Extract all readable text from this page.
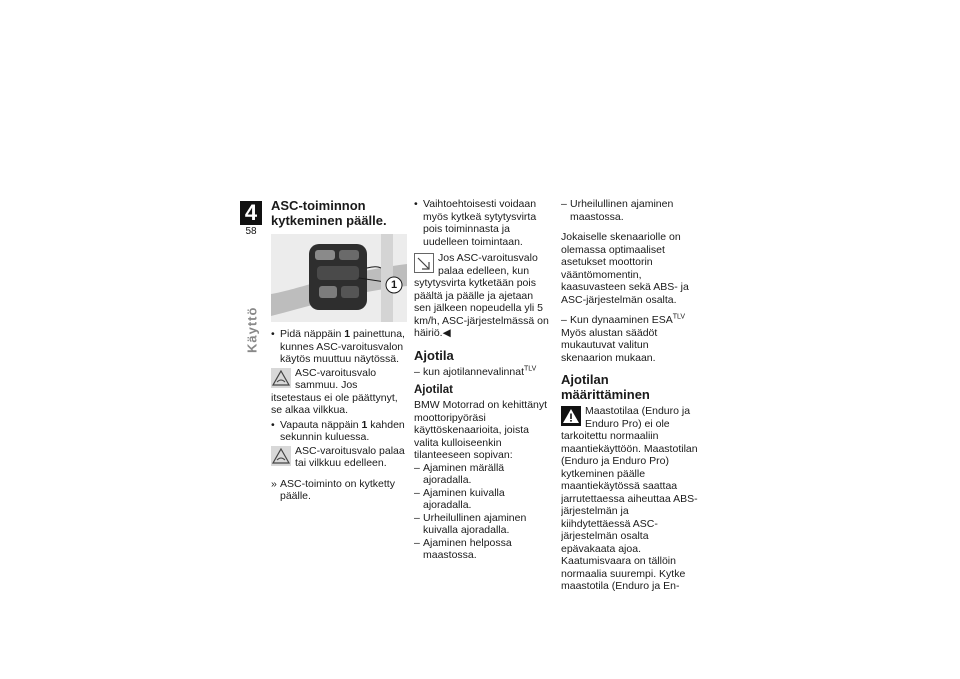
4
58
Käyttö
ASC-toiminnon
kytkeminen päälle.
1
• Pidä näppäin 1 painettuna, kunnes ASC-varoitusvalon käytös muuttuu näytössä.
ASC-varoitusvalo sammuu. Jos itsetestaus ei ole päättynyt, se alkaa vilkkua.
• Vapauta näppäin 1 kahden sekunnin kuluessa.
ASC-varoitusvalo palaa tai vilkkuu edelleen.
» ASC-toiminto on kytketty päälle.
• Vaihtoehtoisesti voidaan myös kytkeä sytytysvirta pois toiminnasta ja uudelleen toimintaan.
Jos ASC-varoitusvalo palaa edelleen, kun sytytysvirta kytketään pois päältä ja päälle ja ajetaan sen jälkeen nopeudella yli 5 km/h, ASC-järjestelmässä on häiriö.◀
Ajotila
– kun ajotilannevalinnat$^{TLV}$
Ajotilat

BMW Motorrad on kehittänyt moottoripyöräsi käyttöskenaarioita, joista valita kulloiseenkin tilanteeseen sopivan:

– Ajaminen märällä ajoradalla.
– Ajaminen kuivalla ajoradalla.
– Urheilullinen ajaminen kuivalla ajoradalla.
– Ajaminen helpossa maastossa.
– Urheilullinen ajaminen maastossa.

Jokaiselle skenaariolle on olemassa optimaaliset asetukset moottorin vääntömomentin, kaasuvasteen sekä ABS- ja ASC-järjestelmän osalta.

– Kun dynaaminen $ESA^{TLV}$

Myös alustan säädöt mukautuvat valitun skenaarion mukaan.

Ajotilan määrittäminen
Maastotilaa (Enduro ja Enduro Pro) ei ole tarkoitettu normaaliin maantiekäyttöön. Maastotilan (Enduro ja Enduro Pro) kytkeminen päälle maantiekäytössä saattaa jarrutettaessa aiheuttaa ABS-järjestelmän ja kiihdytettäessä ASC-järjestelmän osalta epävakaata ajoa. Kaatumisvaara on tällöin normaalia suurempi. Kytke maastotila (Enduro ja En-
